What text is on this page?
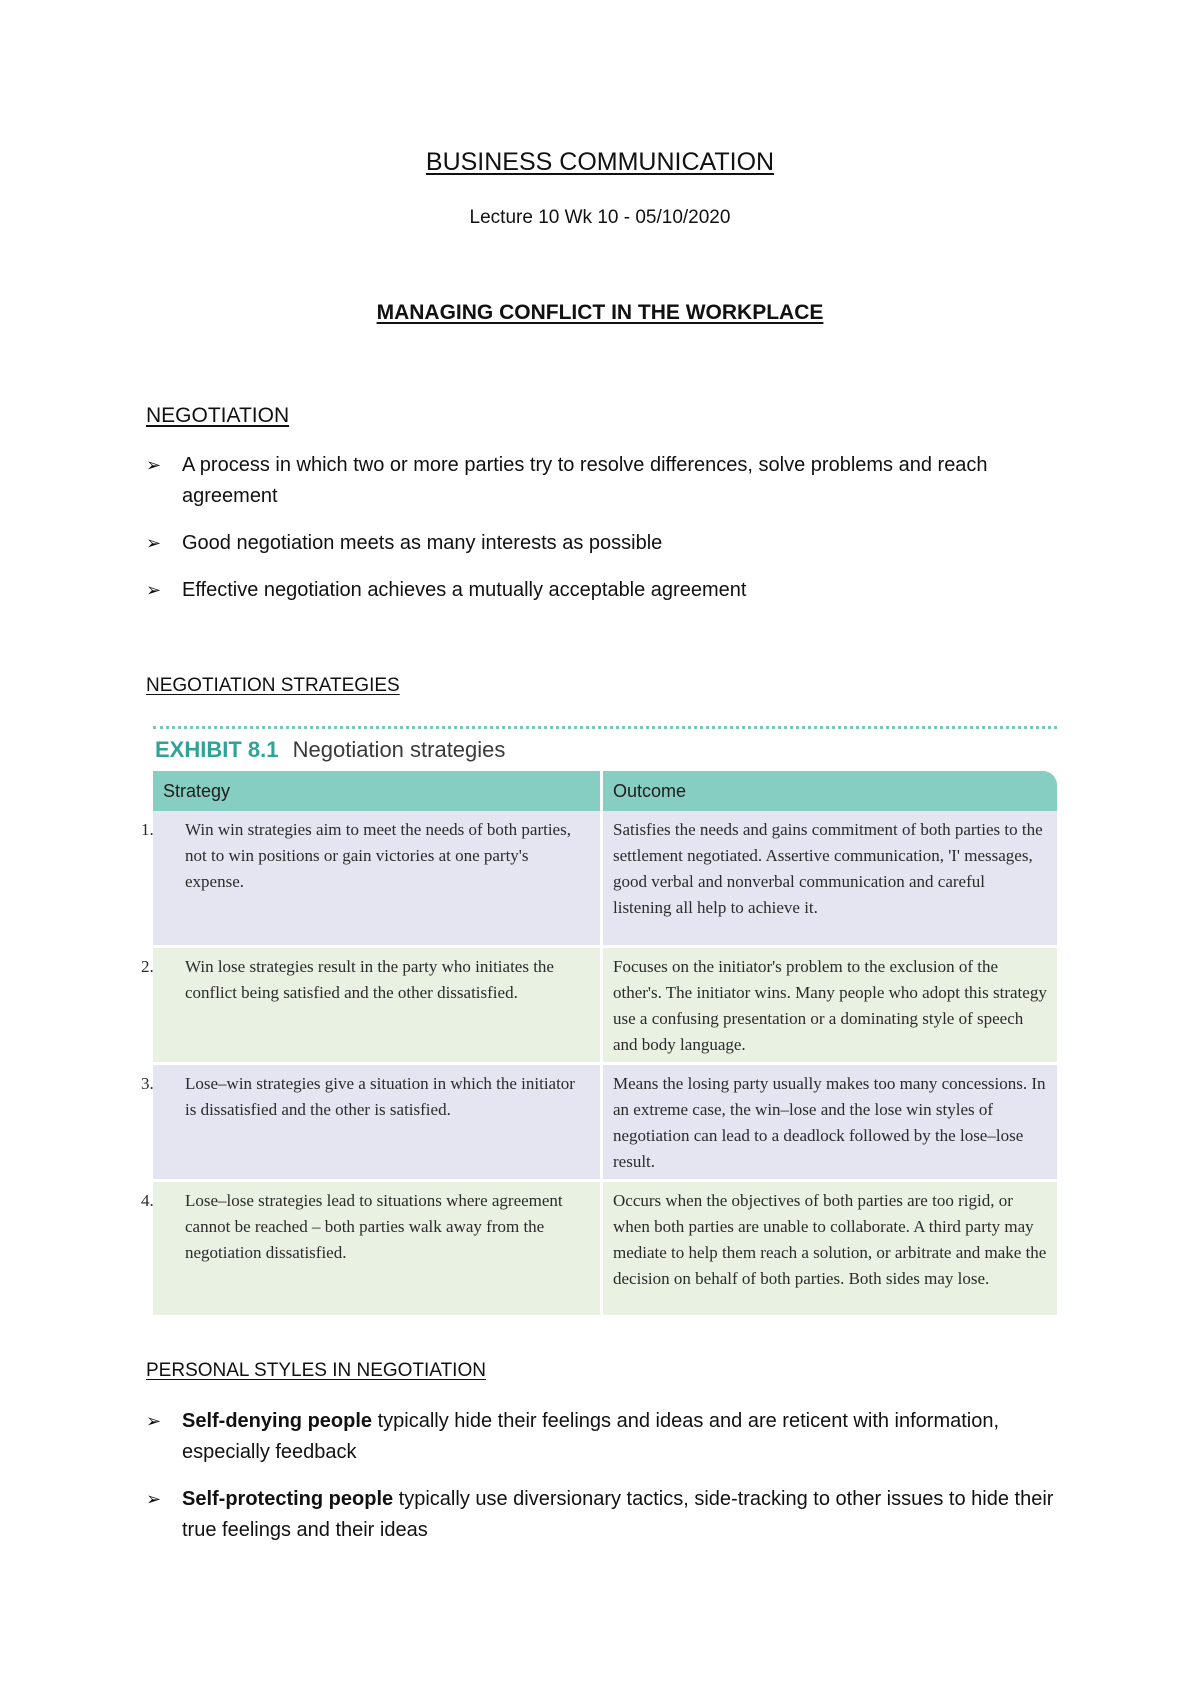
BUSINESS COMMUNICATION

Lecture 10 Wk 10 - 05/10/2020

MANAGING CONFLICT IN THE WORKPLACE
NEGOTIATION
➢ A process in which two or more parties try to resolve differences, solve problems and reach agreement
➢ Good negotiation meets as many interests as possible
➢ Effective negotiation achieves a mutually acceptable agreement
NEGOTIATION STRATEGIES
EXHIBIT 8.1 Negotiation strategies
Strategy	Outcome

1. Win win strategies aim to meet the needs of both parties, not to win positions or gain victories at one party's expense.	Satisfies the needs and gains commitment of both parties to the settlement negotiated. Assertive communication, 'I' messages, good verbal and nonverbal communication and careful listening all help to achieve it.

2. Win lose strategies result in the party who initiates the conflict being satisfied and the other dissatisfied.	Focuses on the initiator's problem to the exclusion of the other's. The initiator wins. Many people who adopt this strategy use a confusing presentation or a dominating style of speech and body language.

3. Lose–win strategies give a situation in which the initiator is dissatisfied and the other is satisfied.	Means the losing party usually makes too many concessions. In an extreme case, the win–lose and the lose win styles of negotiation can lead to a deadlock followed by the lose–lose result.

4. Lose–lose strategies lead to situations where agreement cannot be reached – both parties walk away from the negotiation dissatisfied.	Occurs when the objectives of both parties are too rigid, or when both parties are unable to collaborate. A third party may mediate to help them reach a solution, or arbitrate and make the decision on behalf of both parties. Both sides may lose.
PERSONAL STYLES IN NEGOTIATION
➢ Self-denying people typically hide their feelings and ideas and are reticent with information, especially feedback
➢ Self-protecting people typically use diversionary tactics, side-tracking to other issues to hide their true feelings and their ideas
